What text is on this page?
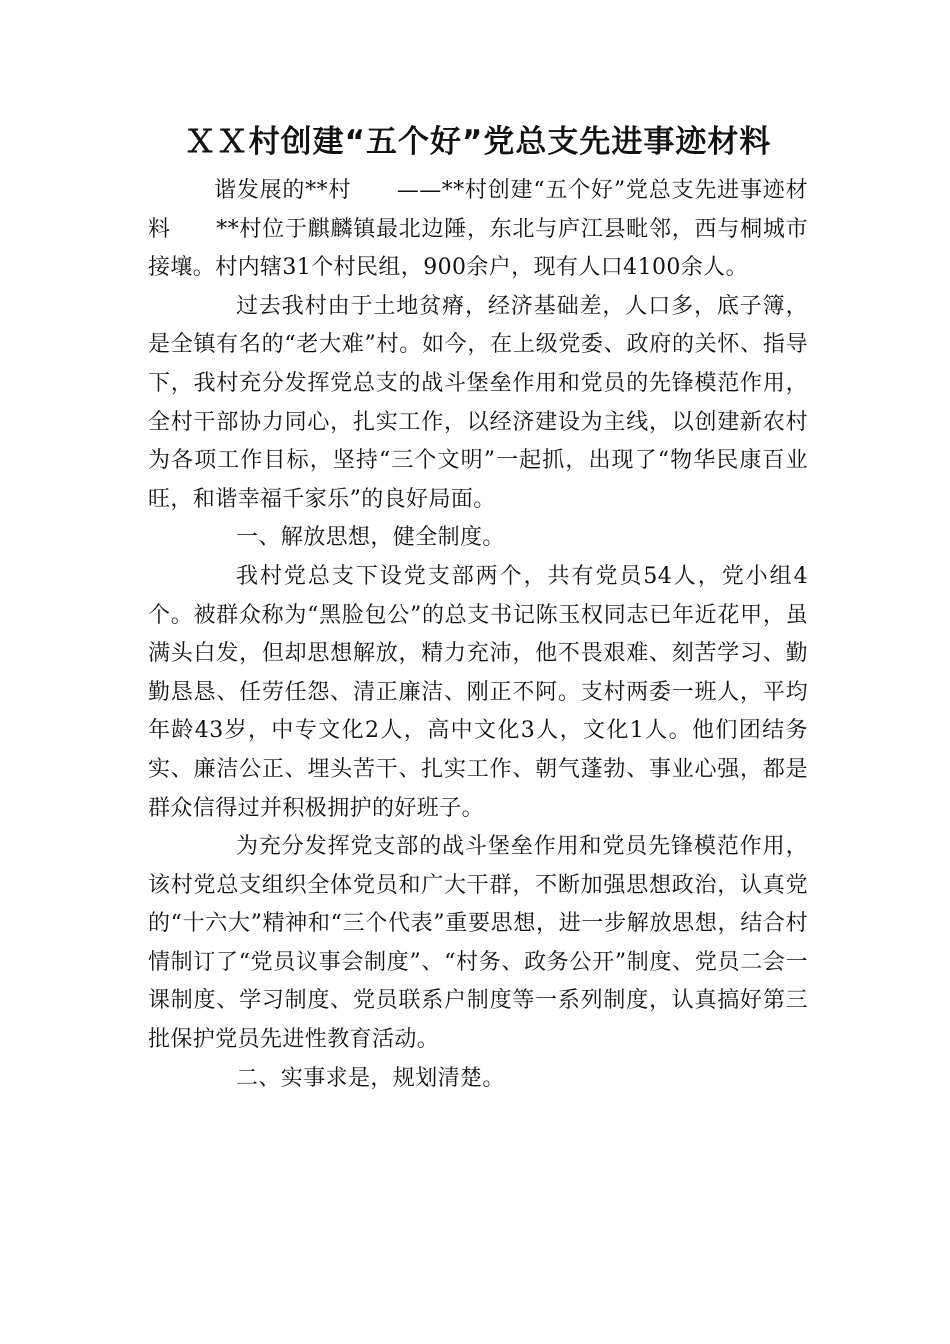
ＸＸ村创建“五个好”党总支先进事迹材料

谐发展的**村　　——**村创建“五个好”党总支先进事迹材料　　**村位于麒麟镇最北边陲，东北与庐江县毗邻，西与桐城市接壤。村内辖31个村民组，900余户，现有人口4100余人。

过去我村由于土地贫瘠，经济基础差，人口多，底子簿，是全镇有名的“老大难”村。如今，在上级党委、政府的关怀、指导下，我村充分发挥党总支的战斗堡垒作用和党员的先锋模范作用，全村干部协力同心，扎实工作，以经济建设为主线，以创建新农村为各项工作目标，坚持“三个文明”一起抓，出现了“物华民康百业旺，和谐幸福千家乐”的良好局面。

一、解放思想，健全制度。

我村党总支下设党支部两个，共有党员54人，党小组4个。被群众称为“黑脸包公”的总支书记陈玉权同志已年近花甲，虽满头白发，但却思想解放，精力充沛，他不畏艰难、刻苦学习、勤勤恳恳、任劳任怨、清正廉洁、刚正不阿。支村两委一班人，平均年龄43岁，中专文化2人，高中文化3人，文化1人。他们团结务实、廉洁公正、埋头苦干、扎实工作、朝气蓬勃、事业心强，都是群众信得过并积极拥护的好班子。

为充分发挥党支部的战斗堡垒作用和党员先锋模范作用，该村党总支组织全体党员和广大干群，不断加强思想政治，认真党的“十六大”精神和“三个代表”重要思想，进一步解放思想，结合村情制订了“党员议事会制度”、“村务、政务公开”制度、党员二会一课制度、学习制度、党员联系户制度等一系列制度，认真搞好第三批保护党员先进性教育活动。

二、实事求是，规划清楚。
